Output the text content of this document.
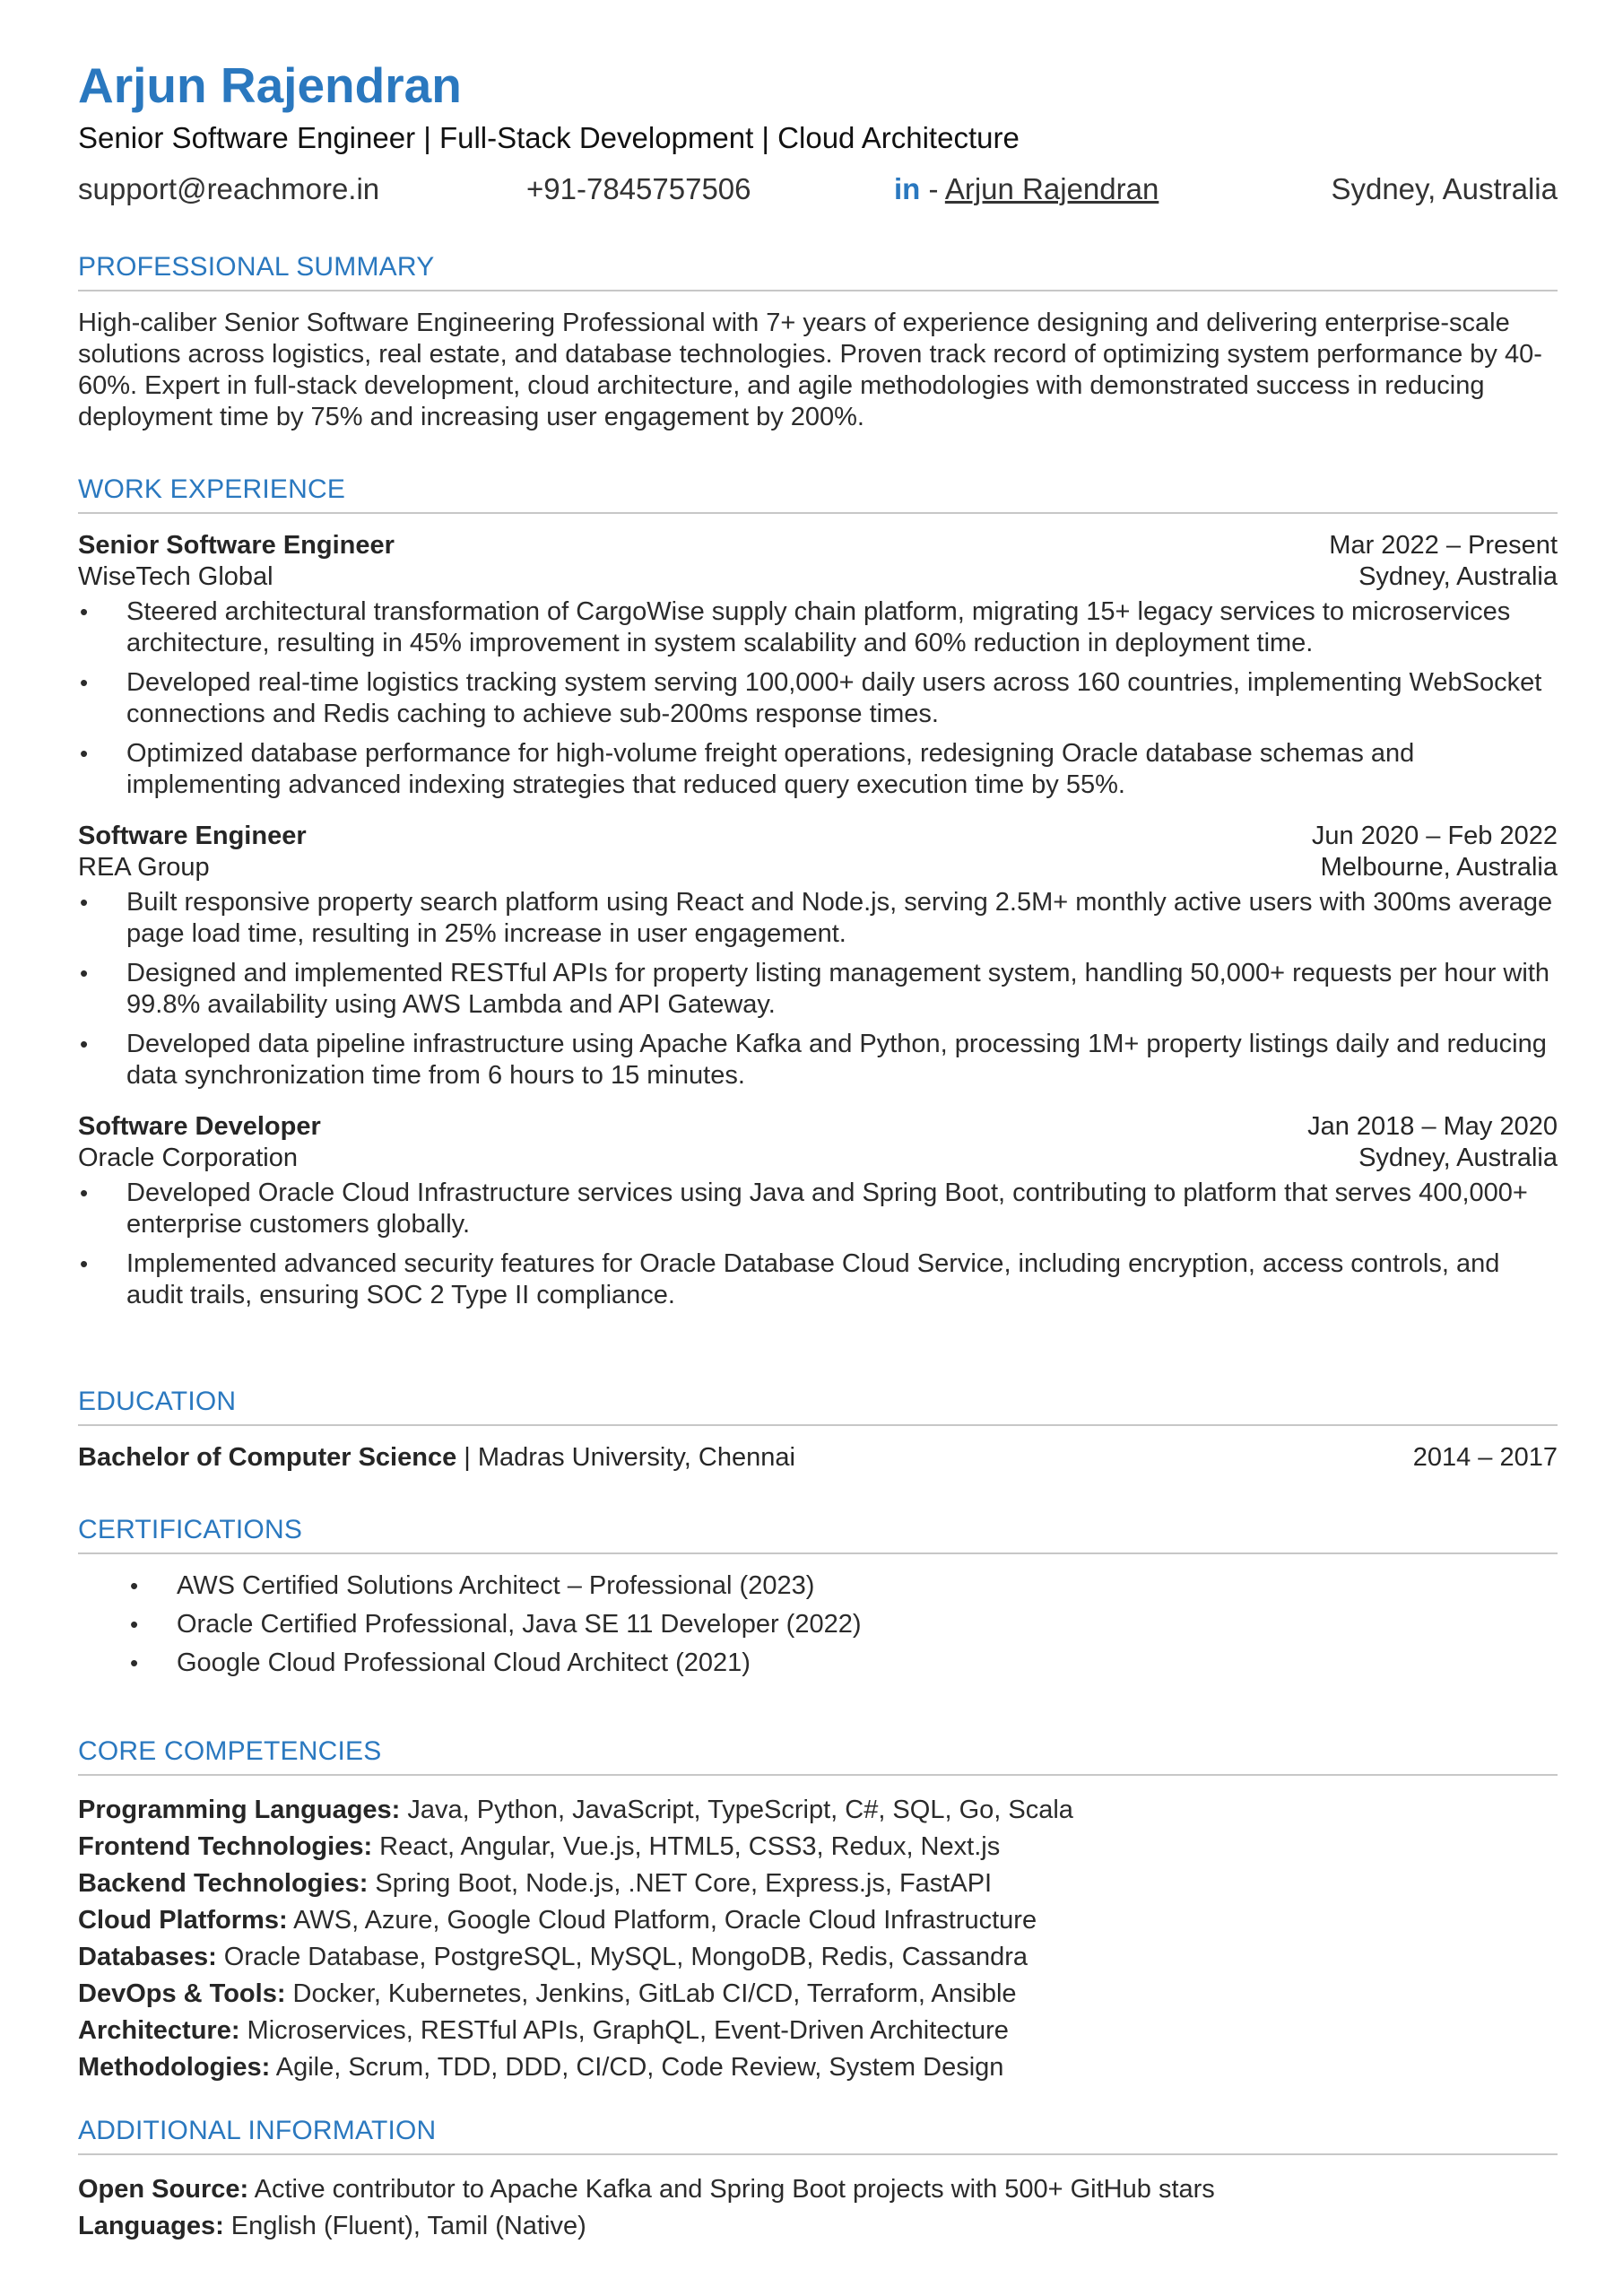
Arjun Rajendran
Senior Software Engineer | Full-Stack Development | Cloud Architecture
support@reachmore.in	+91-7845757506	in - Arjun Rajendran	Sydney, Australia
PROFESSIONAL SUMMARY
High-caliber Senior Software Engineering Professional with 7+ years of experience designing and delivering enterprise-scale solutions across logistics, real estate, and database technologies. Proven track record of optimizing system performance by 40-60%. Expert in full-stack development, cloud architecture, and agile methodologies with demonstrated success in reducing deployment time by 75% and increasing user engagement by 200%.
WORK EXPERIENCE
Senior Software Engineer	Mar 2022 – Present
WiseTech Global	Sydney, Australia
• Steered architectural transformation of CargoWise supply chain platform, migrating 15+ legacy services to microservices architecture, resulting in 45% improvement in system scalability and 60% reduction in deployment time.
• Developed real-time logistics tracking system serving 100,000+ daily users across 160 countries, implementing WebSocket connections and Redis caching to achieve sub-200ms response times.
• Optimized database performance for high-volume freight operations, redesigning Oracle database schemas and implementing advanced indexing strategies that reduced query execution time by 55%.
Software Engineer	Jun 2020 – Feb 2022
REA Group	Melbourne, Australia
• Built responsive property search platform using React and Node.js, serving 2.5M+ monthly active users with 300ms average page load time, resulting in 25% increase in user engagement.
• Designed and implemented RESTful APIs for property listing management system, handling 50,000+ requests per hour with 99.8% availability using AWS Lambda and API Gateway.
• Developed data pipeline infrastructure using Apache Kafka and Python, processing 1M+ property listings daily and reducing data synchronization time from 6 hours to 15 minutes.
Software Developer	Jan 2018 – May 2020
Oracle Corporation	Sydney, Australia
• Developed Oracle Cloud Infrastructure services using Java and Spring Boot, contributing to platform that serves 400,000+ enterprise customers globally.
• Implemented advanced security features for Oracle Database Cloud Service, including encryption, access controls, and audit trails, ensuring SOC 2 Type II compliance.
EDUCATION
Bachelor of Computer Science | Madras University, Chennai	2014 – 2017
CERTIFICATIONS
• AWS Certified Solutions Architect – Professional (2023)
• Oracle Certified Professional, Java SE 11 Developer (2022)
• Google Cloud Professional Cloud Architect (2021)
CORE COMPETENCIES
Programming Languages: Java, Python, JavaScript, TypeScript, C#, SQL, Go, Scala
Frontend Technologies: React, Angular, Vue.js, HTML5, CSS3, Redux, Next.js
Backend Technologies: Spring Boot, Node.js, .NET Core, Express.js, FastAPI
Cloud Platforms: AWS, Azure, Google Cloud Platform, Oracle Cloud Infrastructure
Databases: Oracle Database, PostgreSQL, MySQL, MongoDB, Redis, Cassandra
DevOps & Tools: Docker, Kubernetes, Jenkins, GitLab CI/CD, Terraform, Ansible
Architecture: Microservices, RESTful APIs, GraphQL, Event-Driven Architecture
Methodologies: Agile, Scrum, TDD, DDD, CI/CD, Code Review, System Design
ADDITIONAL INFORMATION
Open Source: Active contributor to Apache Kafka and Spring Boot projects with 500+ GitHub stars
Languages: English (Fluent), Tamil (Native)
